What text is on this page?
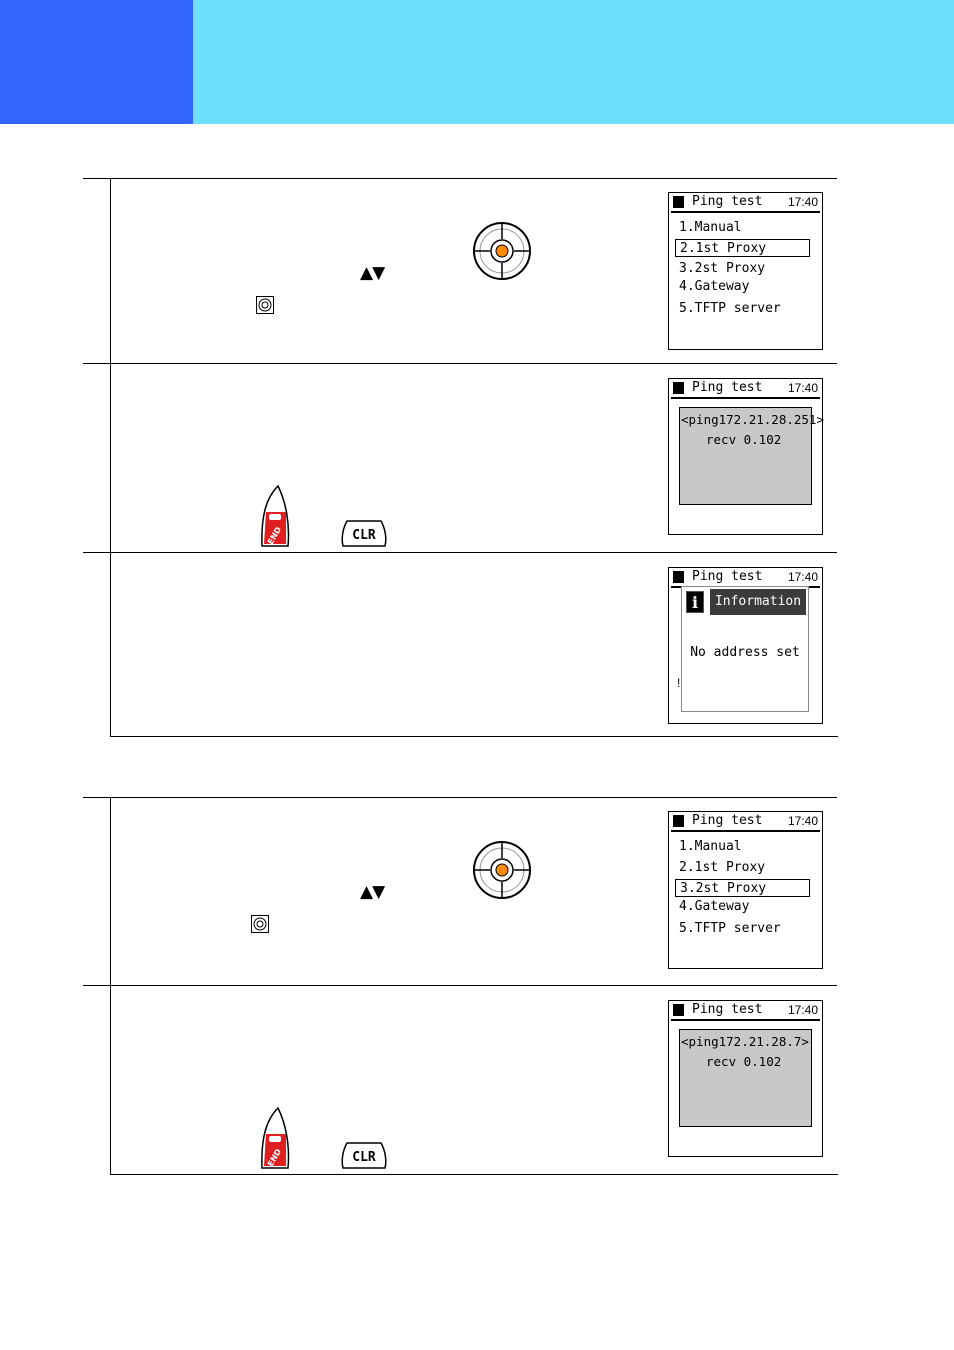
▲▼
Ping test 17:40
1.Manual
2.1st Proxy
3.2st Proxy
4.Gateway
5.TFTP server
END	CLR
Ping test 17:40
<ping172.21.28.251>
recv 0.102
Ping test 17:40
i	Information
No address set
!
▲▼
Ping test 17:40
1.Manual
2.1st Proxy
3.2st Proxy
4.Gateway
5.TFTP server
END	CLR
Ping test 17:40
<ping172.21.28.7>
recv 0.102
